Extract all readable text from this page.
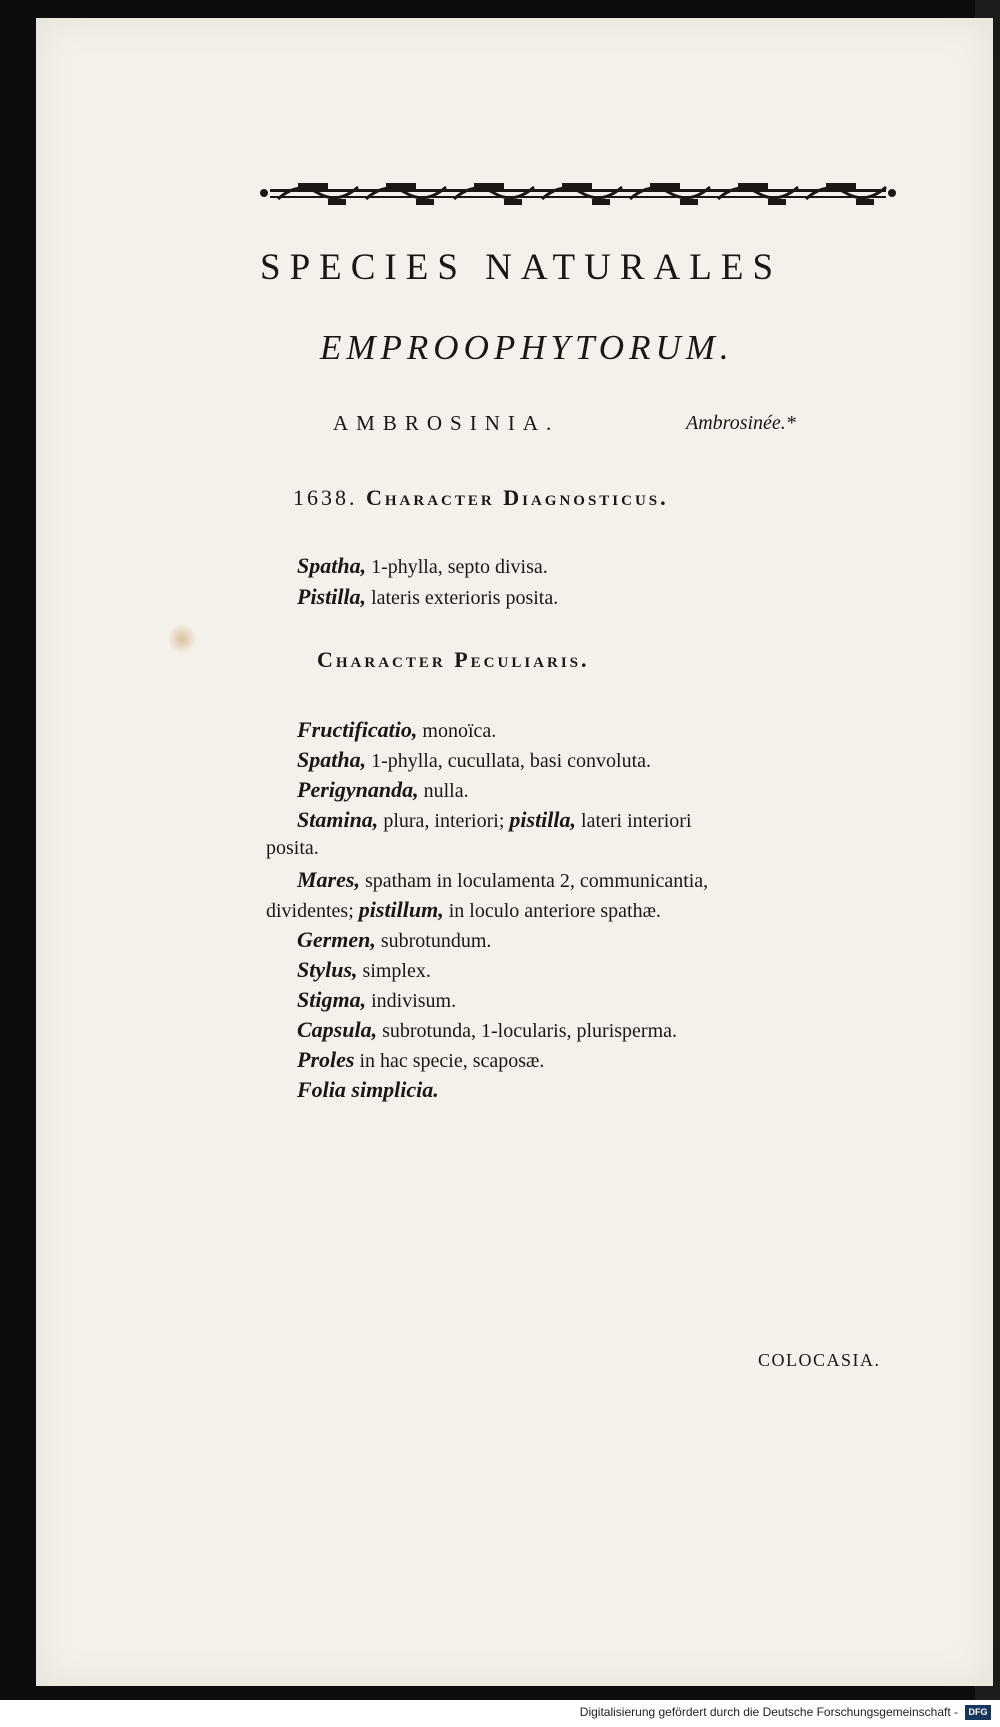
SPECIES NATURALES
EMPROOPHYTORUM.
AMBROSINIA.	Ambrosinée.*
1638. Character Diagnosticus.
Spatha, 1-phylla, septo divisa.
Pistilla, lateris exterioris posita.
Character Peculiaris.
Fructificatio, monoïca.
Spatha, 1-phylla, cucullata, basi convoluta.
Perigynanda, nulla.
Stamina, plura, interiori; pistilla, lateri interiori
posita.
Mares, spatham in loculamenta 2, communicantia,
dividentes; pistillum, in loculo anteriore spathæ.
Germen, subrotundum.
Stylus, simplex.
Stigma, indivisum.
Capsula, subrotunda, 1-locularis, plurisperma.
Proles in hac specie, scaposæ.
Folia simplicia.
COLOCASIA.
Digitalisierung gefördert durch die Deutsche Forschungsgemeinschaft -	DFG
